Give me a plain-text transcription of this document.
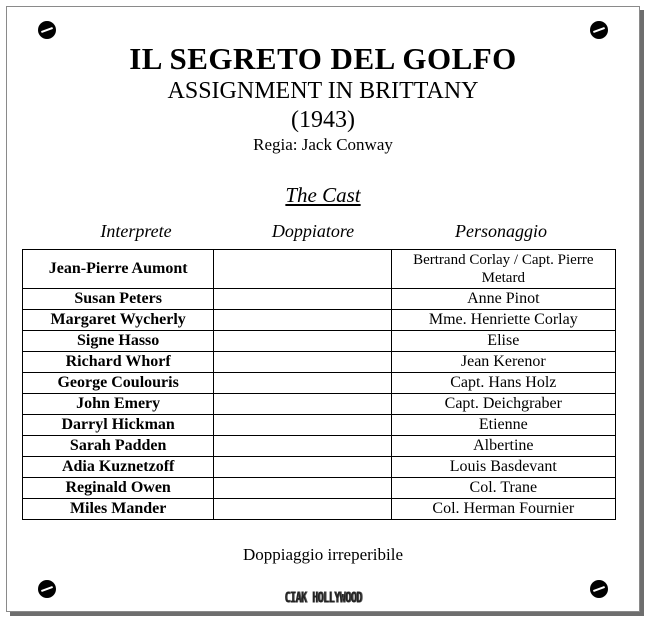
IL SEGRETO DEL GOLFO
ASSIGNMENT IN BRITTANY
(1943)
Regia: Jack Conway
The Cast
Interprete	Doppiatore	Personaggio
Jean-Pierre Aumont		Bertrand Corlay / Capt. Pierre Metard
Susan Peters		Anne Pinot
Margaret Wycherly		Mme. Henriette Corlay
Signe Hasso		Elise
Richard Whorf		Jean Kerenor
George Coulouris		Capt. Hans Holz
John Emery		Capt. Deichgraber
Darryl Hickman		Etienne
Sarah Padden		Albertine
Adia Kuznetzoff		Louis Basdevant
Reginald Owen		Col. Trane
Miles Mander		Col. Herman Fournier
Doppiaggio irreperibile
CIAK HOLLYWOOD
